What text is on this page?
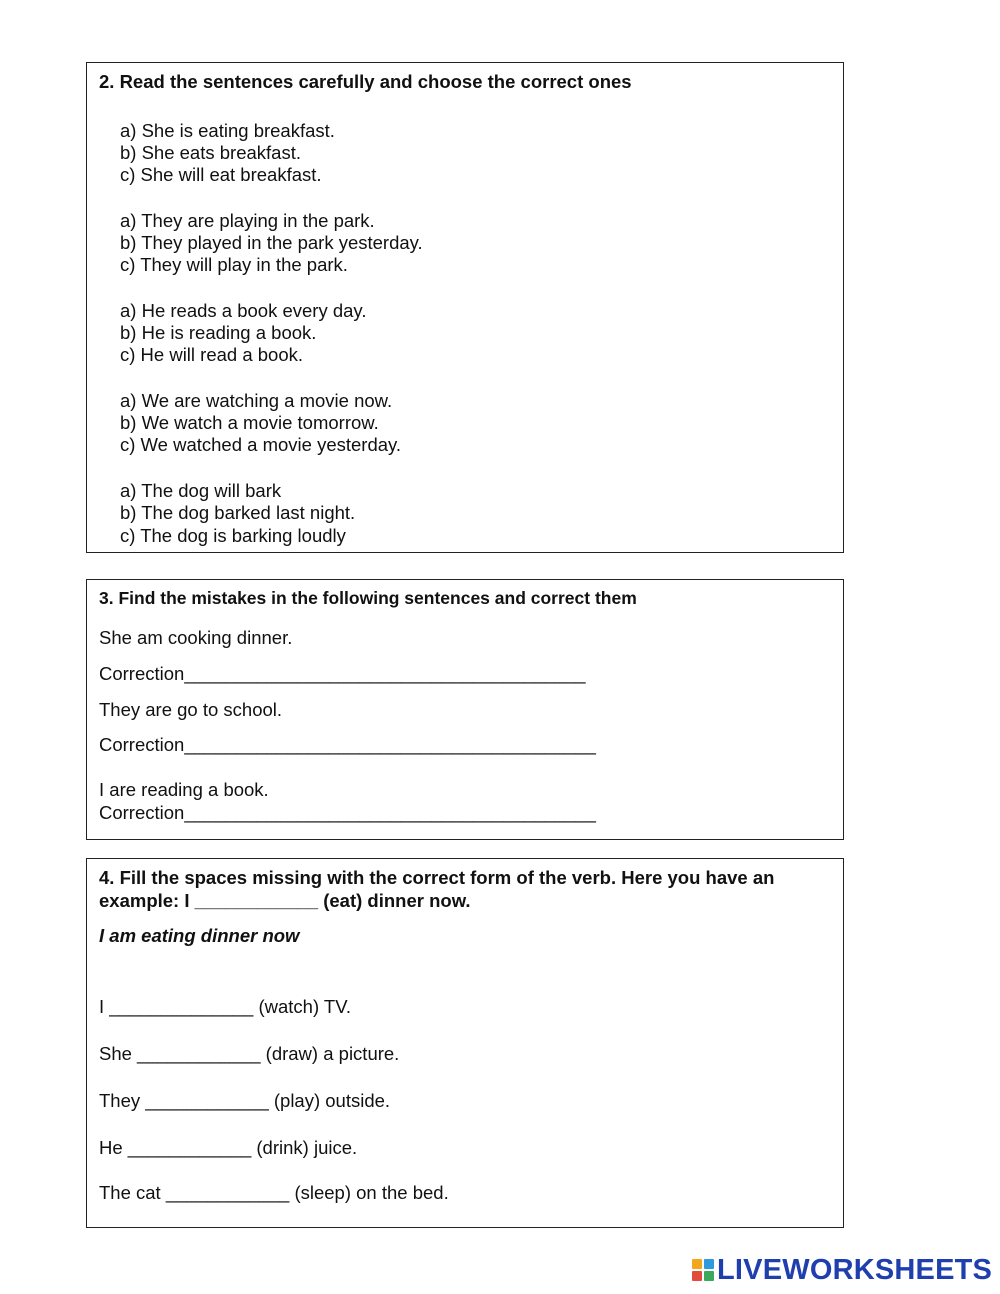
2. Read the sentences carefully and choose the correct ones
a) She is eating breakfast.
b) She eats breakfast.
c) She will eat breakfast.
a) They are playing in the park.
b) They played in the park yesterday.
c) They will play in the park.
a) He reads a book every day.
b) He is reading a book.
c) He will read a book.
a) We are watching a movie now.
b) We watch a movie tomorrow.
c) We watched a movie yesterday.
a) The dog will bark
b) The dog barked last night.
c) The dog is barking loudly
3. Find the mistakes in the following sentences and correct them
She am cooking dinner.
Correction_______________________________________
They are go to school.
Correction________________________________________
I are reading a book.
Correction________________________________________
4. Fill the spaces missing with the correct form of the verb. Here you have an
example: I ____________ (eat) dinner now.
I am eating dinner now
I ______________ (watch) TV.
She ____________ (draw) a picture.
They ____________ (play) outside.
He ____________ (drink) juice.
The cat ____________ (sleep) on the bed.
LIVEWORKSHEETS
